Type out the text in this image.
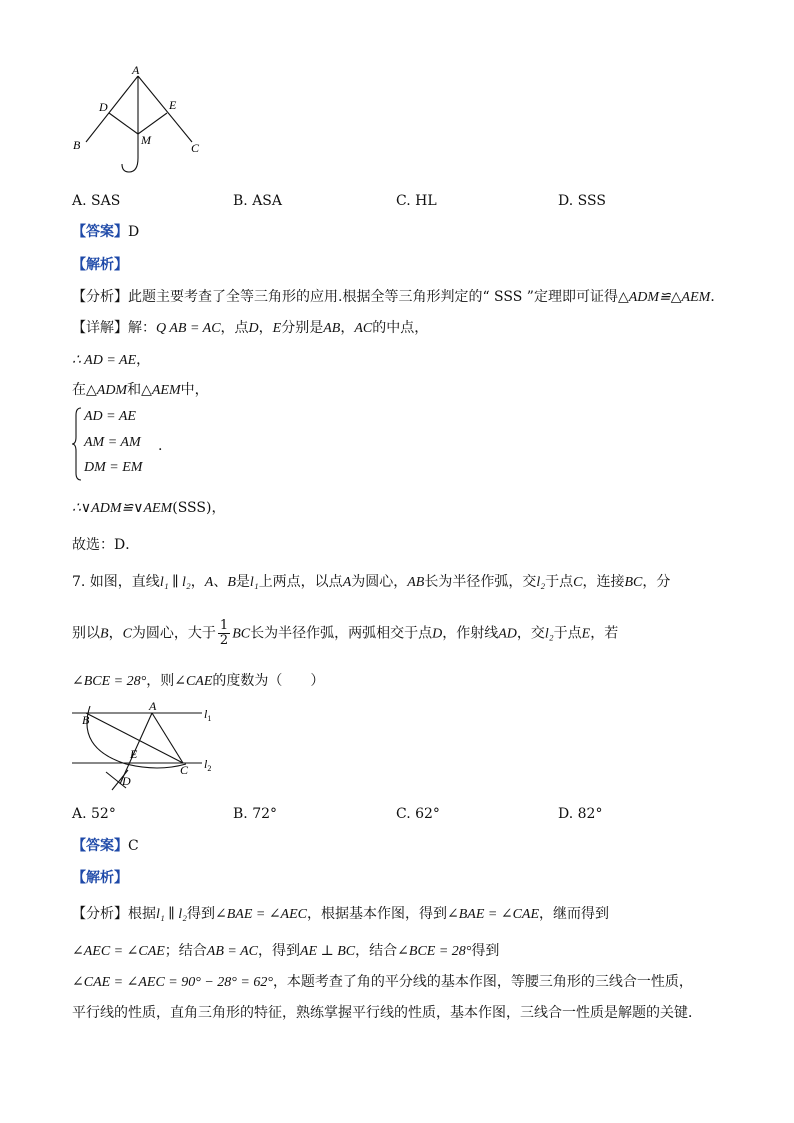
A
D	E
M
B	C
A. SAS	B. ASA	C. HL	D. SSS
【答案】D
【解析】
【分析】此题主要考查了全等三角形的应用.根据全等三角形判定的“ SSS ”定理即可证得△ADM≌△AEM．
【详解】解：Q AB = AC，点D，E分别是AB，AC的中点，
∴ AD = AE，
在△ADM和△AEM中，
AD = AE
AM = AM
DM = EM
.
∴∨ADM≌∨AEM(SSS)，
故选：D．
7. 如图，直线l₁ ∥ l₂，A、B是l₁上两点，以点A为圆心，AB长为半径作弧，交l₂于点C，连接BC，分
别以B，C为圆心，大于 $\frac{1}{2}$ BC长为半径作弧，两弧相交于点D，作射线AD，交l₂于点E，若
∠BCE = 28°，则∠CAE的度数为（　　）
A
B
E
C
D
$l_1$
$l_2$
A. 52°	B. 72°	C. 62°	D. 82°
【答案】C
【解析】
【分析】根据l₁ ∥ l₂得到∠BAE = ∠AEC，根据基本作图，得到∠BAE = ∠CAE，继而得到
∠AEC = ∠CAE；结合AB = AC，得到AE ⊥ BC，结合∠BCE = 28°得到
∠CAE = ∠AEC = 90° − 28° = 62°，本题考查了角的平分线的基本作图，等腰三角形的三线合一性质，
平行线的性质，直角三角形的特征，熟练掌握平行线的性质，基本作图，三线合一性质是解题的关键．
